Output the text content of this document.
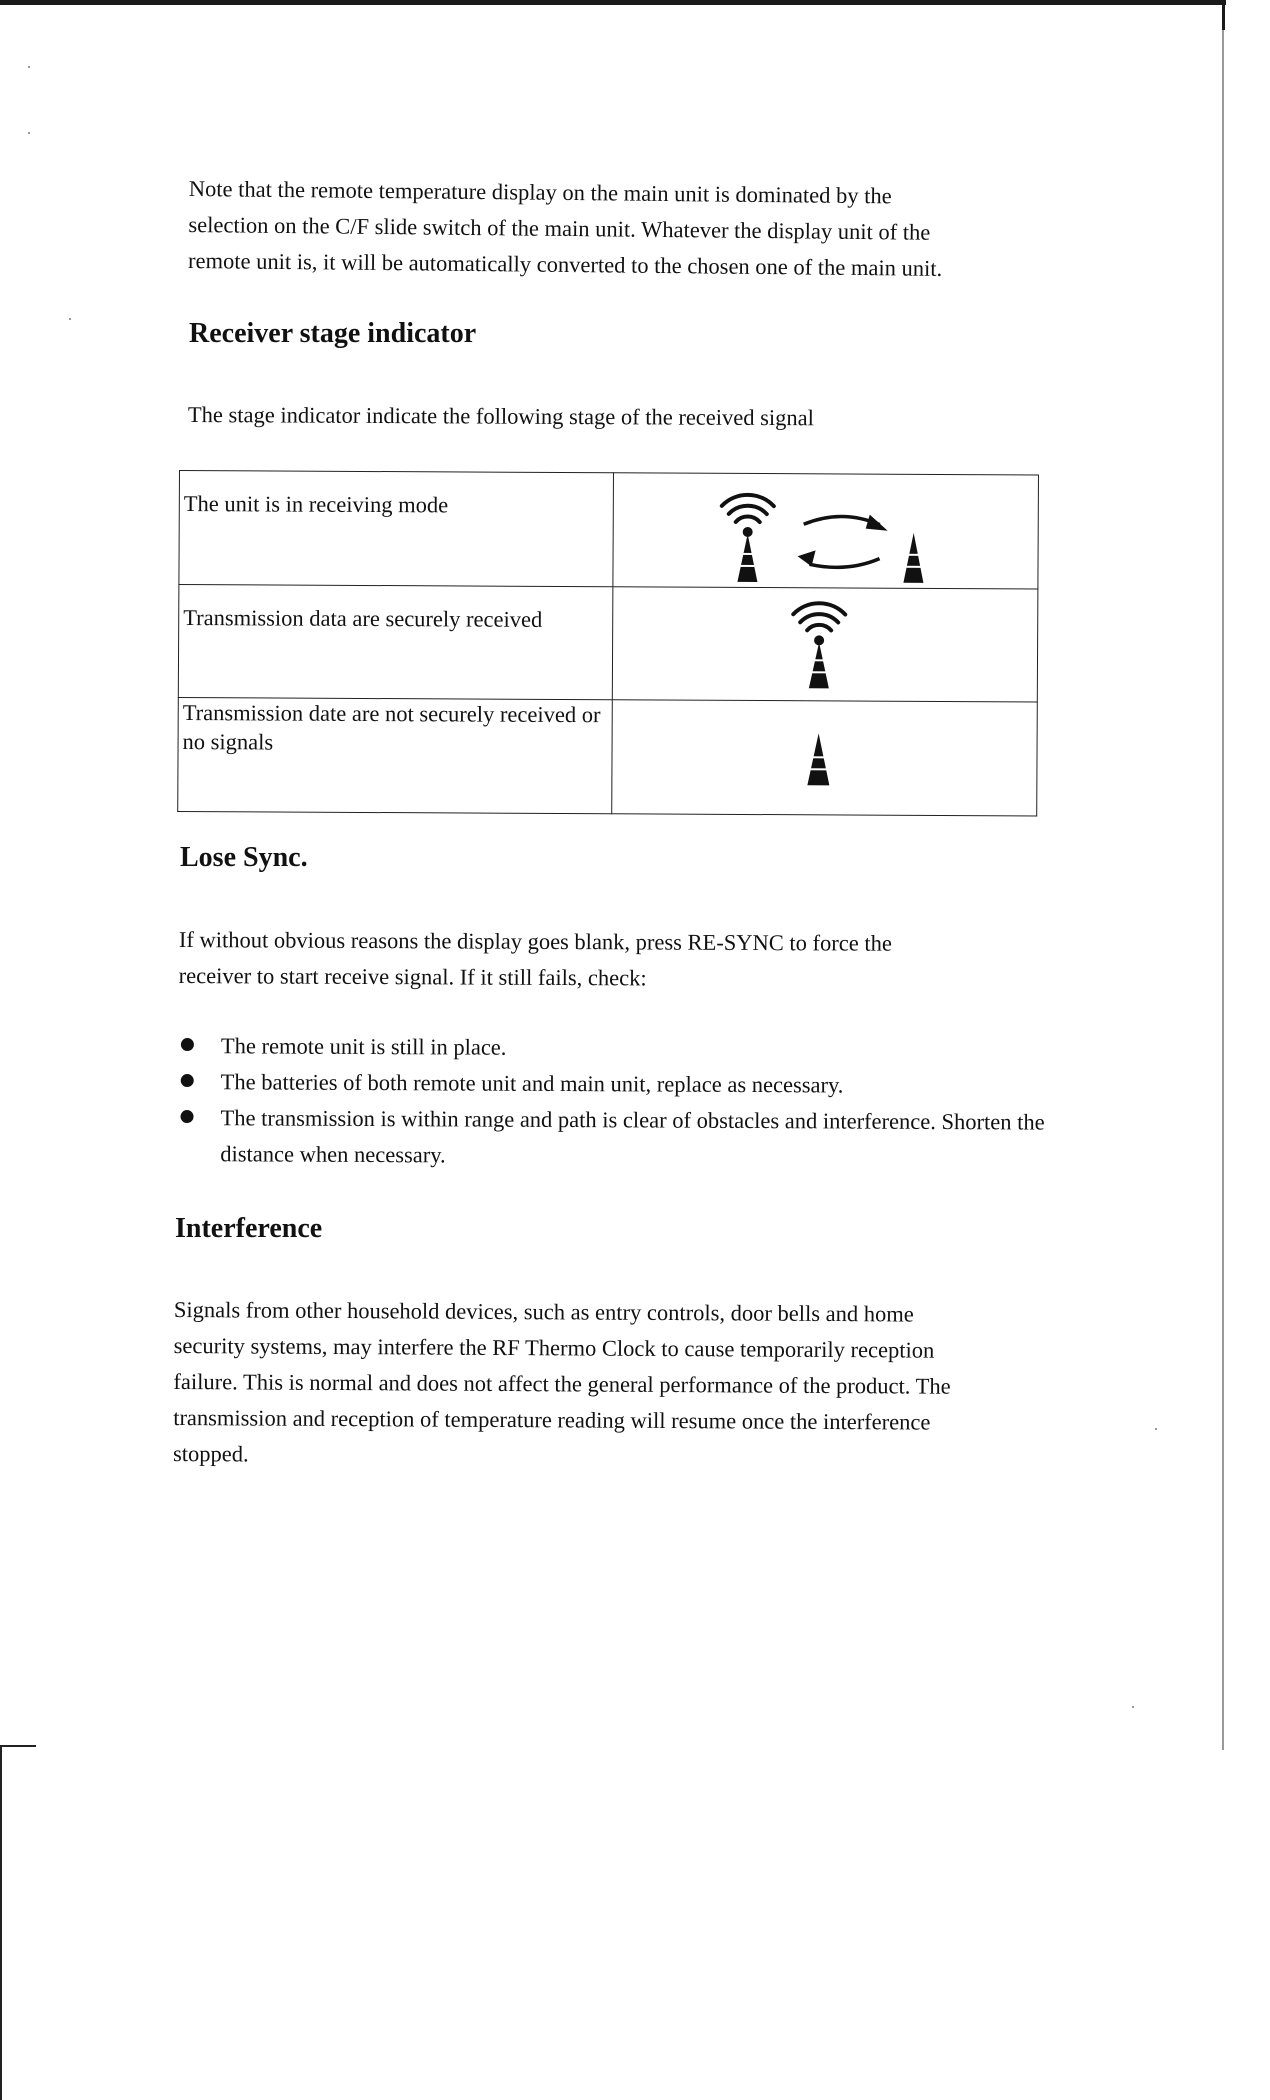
Note that the remote temperature display on the main unit is dominated by the
selection on the C/F slide switch of the main unit. Whatever the display unit of the
remote unit is, it will be automatically converted to the chosen one of the main unit.

Receiver stage indicator

The stage indicator indicate the following stage of the received signal

The unit is in receiving mode	

Transmission data are securely received	

Transmission date are not securely received or no signals	
Lose Sync.

If without obvious reasons the display goes blank, press RE-SYNC to force the
receiver to start receive signal. If it still fails, check:

The remote unit is still in place.
The batteries of both remote unit and main unit, replace as necessary.
The transmission is within range and path is clear of obstacles and interference. Shorten the distance when necessary.
Interference

Signals from other household devices, such as entry controls, door bells and home
security systems, may interfere the RF Thermo Clock to cause temporarily reception
failure. This is normal and does not affect the general performance of the product. The
transmission and reception of temperature reading will resume once the interference
stopped.
